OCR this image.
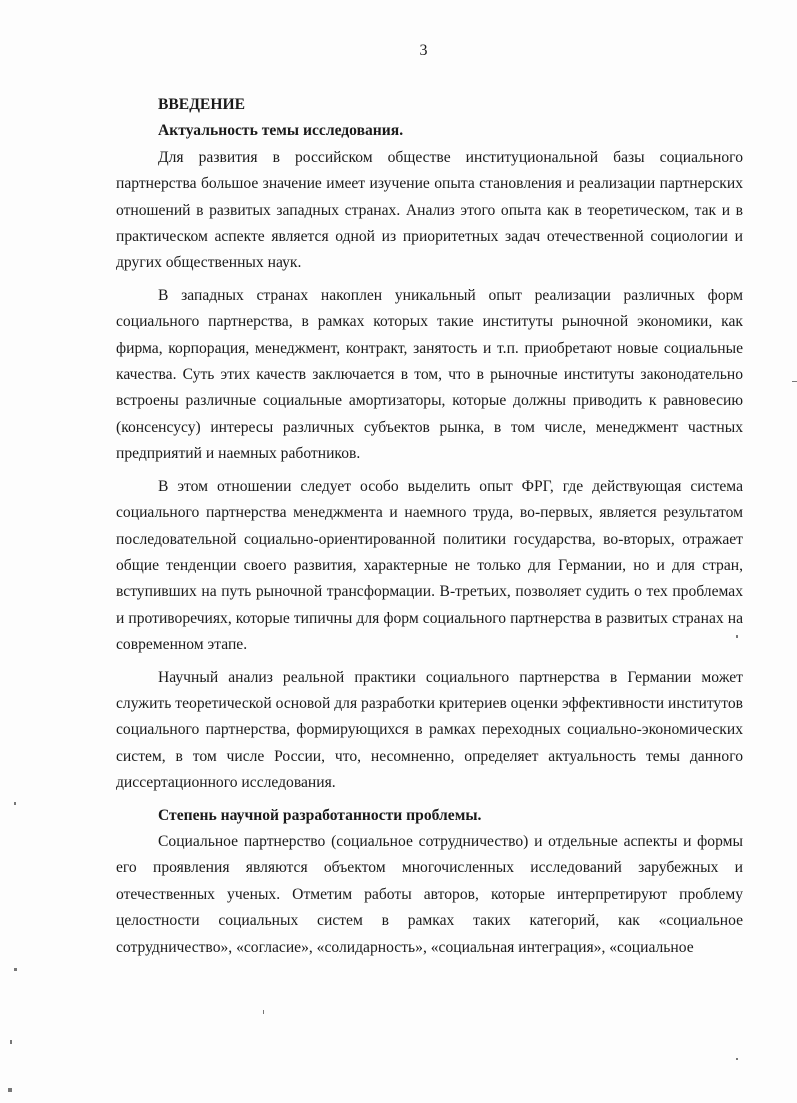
3

ВВЕДЕНИЕ

Актуальность темы исследования.

Для развития в российском обществе институциональной базы социального партнерства большое значение имеет изучение опыта становления и реализации партнерских отношений в развитых западных странах. Анализ этого опыта как в теоретическом, так и в практическом аспекте является одной из приоритетных задач отечественной социологии и других общественных наук.

В западных странах накоплен уникальный опыт реализации различных форм социального партнерства, в рамках которых такие институты рыночной экономики, как фирма, корпорация, менеджмент, контракт, занятость и т.п. приобретают новые социальные качества. Суть этих качеств заключается в том, что в рыночные институты законодательно встроены различные социальные амортизаторы, которые должны приводить к равновесию (консенсусу) интересы различных субъектов рынка, в том числе, менеджмент частных предприятий и наемных работников.

В этом отношении следует особо выделить опыт ФРГ, где действующая система социального партнерства менеджмента и наемного труда, во-первых, является результатом последовательной социально-ориентированной политики государства, во-вторых, отражает общие тенденции своего развития, характерные не только для Германии, но и для стран, вступивших на путь рыночной трансформации. В-третьих, позволяет судить о тех проблемах и противоречиях, которые типичны для форм социального партнерства в развитых странах на современном этапе.

Научный анализ реальной практики социального партнерства в Германии может служить теоретической основой для разработки критериев оценки эффективности институтов социального партнерства, формирующихся в рамках переходных социально-экономических систем, в том числе России, что, несомненно, определяет актуальность темы данного диссертационного исследования.

Степень научной разработанности проблемы.

Социальное партнерство (социальное сотрудничество) и отдельные аспекты и формы его проявления являются объектом многочисленных исследований зарубежных и отечественных ученых. Отметим работы авторов, которые интерпретируют проблему целостности социальных систем в рамках таких категорий, как «социальное сотрудничество», «согласие», «солидарность», «социальная интеграция», «социальное
